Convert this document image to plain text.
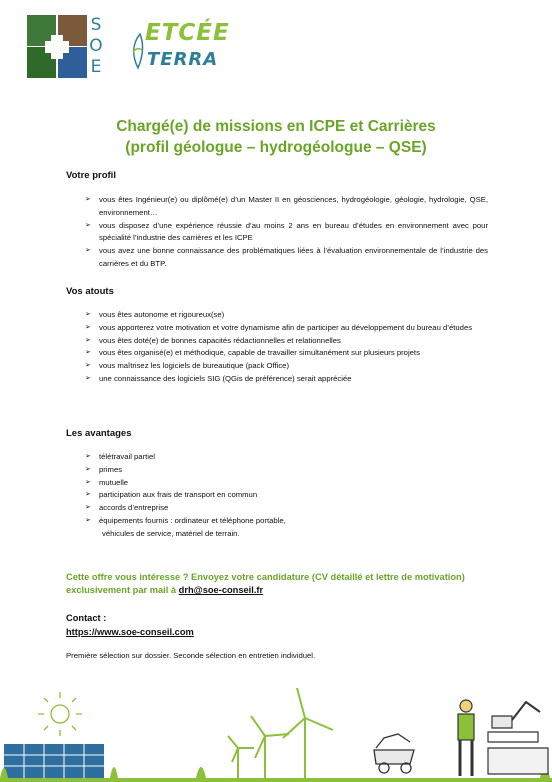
S
O
E
ETCÉE
TERRA
Chargé(e) de missions en ICPE et Carrières
(profil géologue – hydrogéologue – QSE)
Votre profil
➢ vous êtes Ingénieur(e) ou diplômé(e) d’un Master II en géosciences, hydrogéologie, géologie, hydrologie, QSE, environnement…
➢ vous disposez d’une expérience réussie d’au moins 2 ans en bureau d’études en environnement avec pour spécialité l’industrie des carrières et les ICPE
➢ vous avez une bonne connaissance des problématiques liées à l’évaluation environnementale de l’industrie des carrières et du BTP.
Vos atouts
➢ vous êtes autonome et rigoureux(se)
➢ vous apporterez votre motivation et votre dynamisme afin de participer au développement du bureau d’études
➢ vous êtes doté(e) de bonnes capacités rédactionnelles et relationnelles
➢ vous êtes organisé(e) et méthodique, capable de travailler simultanément sur plusieurs projets
➢ vous maîtrisez les logiciels de bureautique (pack Office)
➢ une connaissance des logiciels SIG (QGis de préférence) serait appréciée
Les avantages
➢ télétravail partiel
➢ primes
➢ mutuelle
➢ participation aux frais de transport en commun
➢ accords d’entreprise
➢ équipements fournis : ordinateur et téléphone portable,
véhicules de service, matériel de terrain.
Cette offre vous intéresse ? Envoyez votre candidature (CV détaillé et lettre de motivation) exclusivement par mail à drh@soe-conseil.fr
Contact :
https://www.soe-conseil.com
Première sélection sur dossier. Seconde sélection en entretien individuel.
